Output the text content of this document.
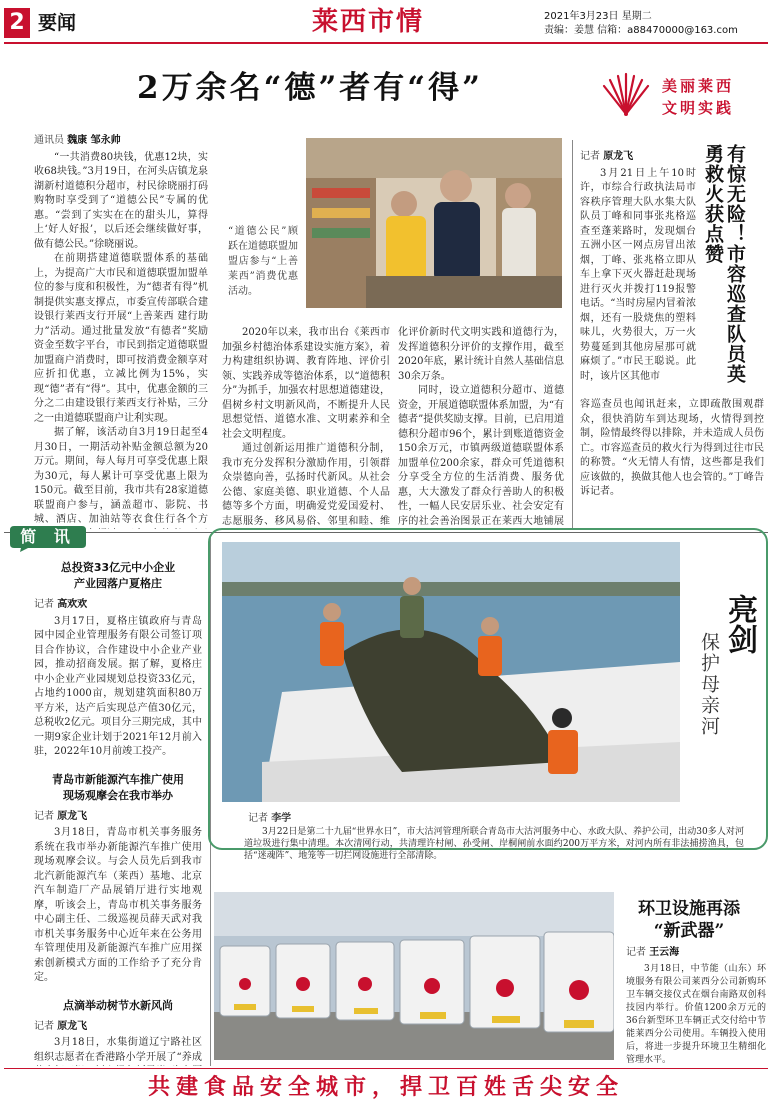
2 要闻	莱西市情	2021年3月23日 星期二
责编：姜慧 信箱：a88470000@163.com
2万余名“德”者有“得”	美丽莱西
文明实践
通讯员 魏康 邹永帅

“一共消费80块钱，优惠12块，实收68块钱。”3月19日，在河头店镇龙泉湖新村道德积分超市，村民徐晓丽打码购物时享受到了“道德公民”专属的优惠。“尝到了实实在在的甜头儿，算得上‘好人好报’，以后还会继续做好事，做有德公民。”徐晓丽说。

在前期搭建道德联盟体系的基础上，为提高广大市民和道德联盟加盟单位的参与度和积极性，为“德者有得”机制提供实惠支撑点，市委宣传部联合建设银行莱西支行开展“上善莱西 建行助力”活动。通过批量发放“有德者”奖励资金至数字平台，市民到指定道德联盟加盟商户消费时，即可按消费金额享对应折扣优惠，立减比例为15%，实现“德”者有“得”。其中，优惠金额的三分之二由建设银行莱西支行补贴，三分之一由道德联盟商户让利实现。

据了解，该活动自3月19日起至4月30日，一期活动补贴金额总额为20万元。期间，每人每月可享受优惠上限为30元，每人累计可享受优惠上限为150元。截至目前，我市共有28家道德联盟商户参与，涵盖超市、影院、书城、酒店、加油站等衣食住行各个方

“道德公民”顾跃在道德联盟加盟店参与“上善莱西”消费优惠活动。

2020年以来，我市出台《莱西市加强乡村德治体系建设实施方案》，着力构建组织协调、教育阵地、评价引领、实践养成等德治体系，以“道德积分”为抓手，加强农村思想道德建设，倡树乡村文明新风尚，不断提升人民思想觉悟、道德水准、文明素养和全社会文明程度。

通过创新运用推广道德积分制，我市充分发挥积分激励作用，引领群众崇德向善，弘扬时代新风。从社会公德、家庭美德、职业道德、个人品德等多个方面，明确爱党爱国爱村、志愿服务、移风易俗、邻里和睦、维

化评价新时代文明实践和道德行为，发挥道德积分评价的支撑作用，截至2020年底，累计统计自然人基础信息30余万条。

同时，设立道德积分超市、道德资金，开展道德联盟体系加盟，为“有德者”提供奖励支撑。目前，已启用道德积分超市96个，累计到账道德资金150余万元，市镇两级道德联盟体系加盟单位200余家，群众可凭道德积分享受全方位的生活消费、服务优惠，大大激发了群众行善助人的积极性，一幅人民安居乐业、社会安定有序的社会善治图景正在莱西大地铺展

有惊无险！市容巡查队员英勇救火获点赞
记者 原龙飞

3月21日上午10时许，市综合行政执法局市容秩序管理大队水集大队队员丁峰和同事张兆格巡查至蓬莱路时，发现烟台五洲小区一网点房冒出浓烟，丁峰、张兆格立即从车上拿下灭火器赶赴现场进行灭火并拨打119报警电话。“当时房屋内冒着浓烟，还有一股烧焦的塑料味儿，火势很大，万一火势蔓延到其他房屋那可就麻烦了。”市民王聪说。此时，该片区其他市

容巡查员也闻讯赶来，立即疏散围观群众，很快消防车到达现场，火情得到控制，险情最终得以排除，并未造成人员伤亡。市容巡查员的救火行为得到过往市民的称赞。“火无情人有情，这些都是我们应该做的，换做其他人也会管的。”丁峰告诉记者。

简 讯
总投资33亿元中小企业
产业园落户夏格庄
记者 高欢欢

3月17日，夏格庄镇政府与青岛园中园企业管理服务有限公司签订项目合作协议，合作建设中小企业产业园，推动招商发展。据了解，夏格庄中小企业产业园规划总投资33亿元，占地约1000亩，规划建筑面积80万平方米，达产后实现总产值30亿元，总税收2亿元。项目分三期完成，其中一期9家企业计划于2021年12月前入驻，2022年10月前竣工投产。

青岛市新能源汽车推广使用
现场观摩会在我市举办
记者 原龙飞

3月18日，青岛市机关事务服务系统在我市举办新能源汽车推广使用现场观摩会议。与会人员先后到我市北汽新能源汽车（莱西）基地、北京汽车制造厂产品展销厅进行实地观摩，听该会上，青岛市机关事务服务中心副主任、二级巡视员薛天武对我市机关事务服务中心近年来在公务用车管理使用及新能源汽车推广应用探索创新模式方面的工作给予了充分肯定。

点滴举动树节水新风尚
记者 原龙飞

3月18日，水集街道辽宁路社区组织志愿者在香港路小学开展了“养成

亮剑
保护母亲河
记者 李学
3月22日是第二十九届“世界水日”，市大沽河管理所联合青岛市大沽河服务中心、水政大队、养护公司，出动30多人对河道垃圾进行集中清理。本次清网行动，共清理许村闸、孙受闸、岸桐闸前水面约200万平方米，对河内所有非法捕捞渔具，包括“迷魂阵”、地笼等一切拦网设施进行全部清除。
环卫设施再添
“新武器”
记者 王云海

3月18日，中节能（山东）环境服务有限公司莱西分公司新购环卫车辆交接仪式在烟台南路双创科技园内举行。价值1200余万元的36台新型环卫车辆正式交付给中节能莱西分公司使用。车辆投入使用后，将进一步提升环境卫生精细化管理水平。

共建食品安全城市，捍卫百姓舌尖安全
